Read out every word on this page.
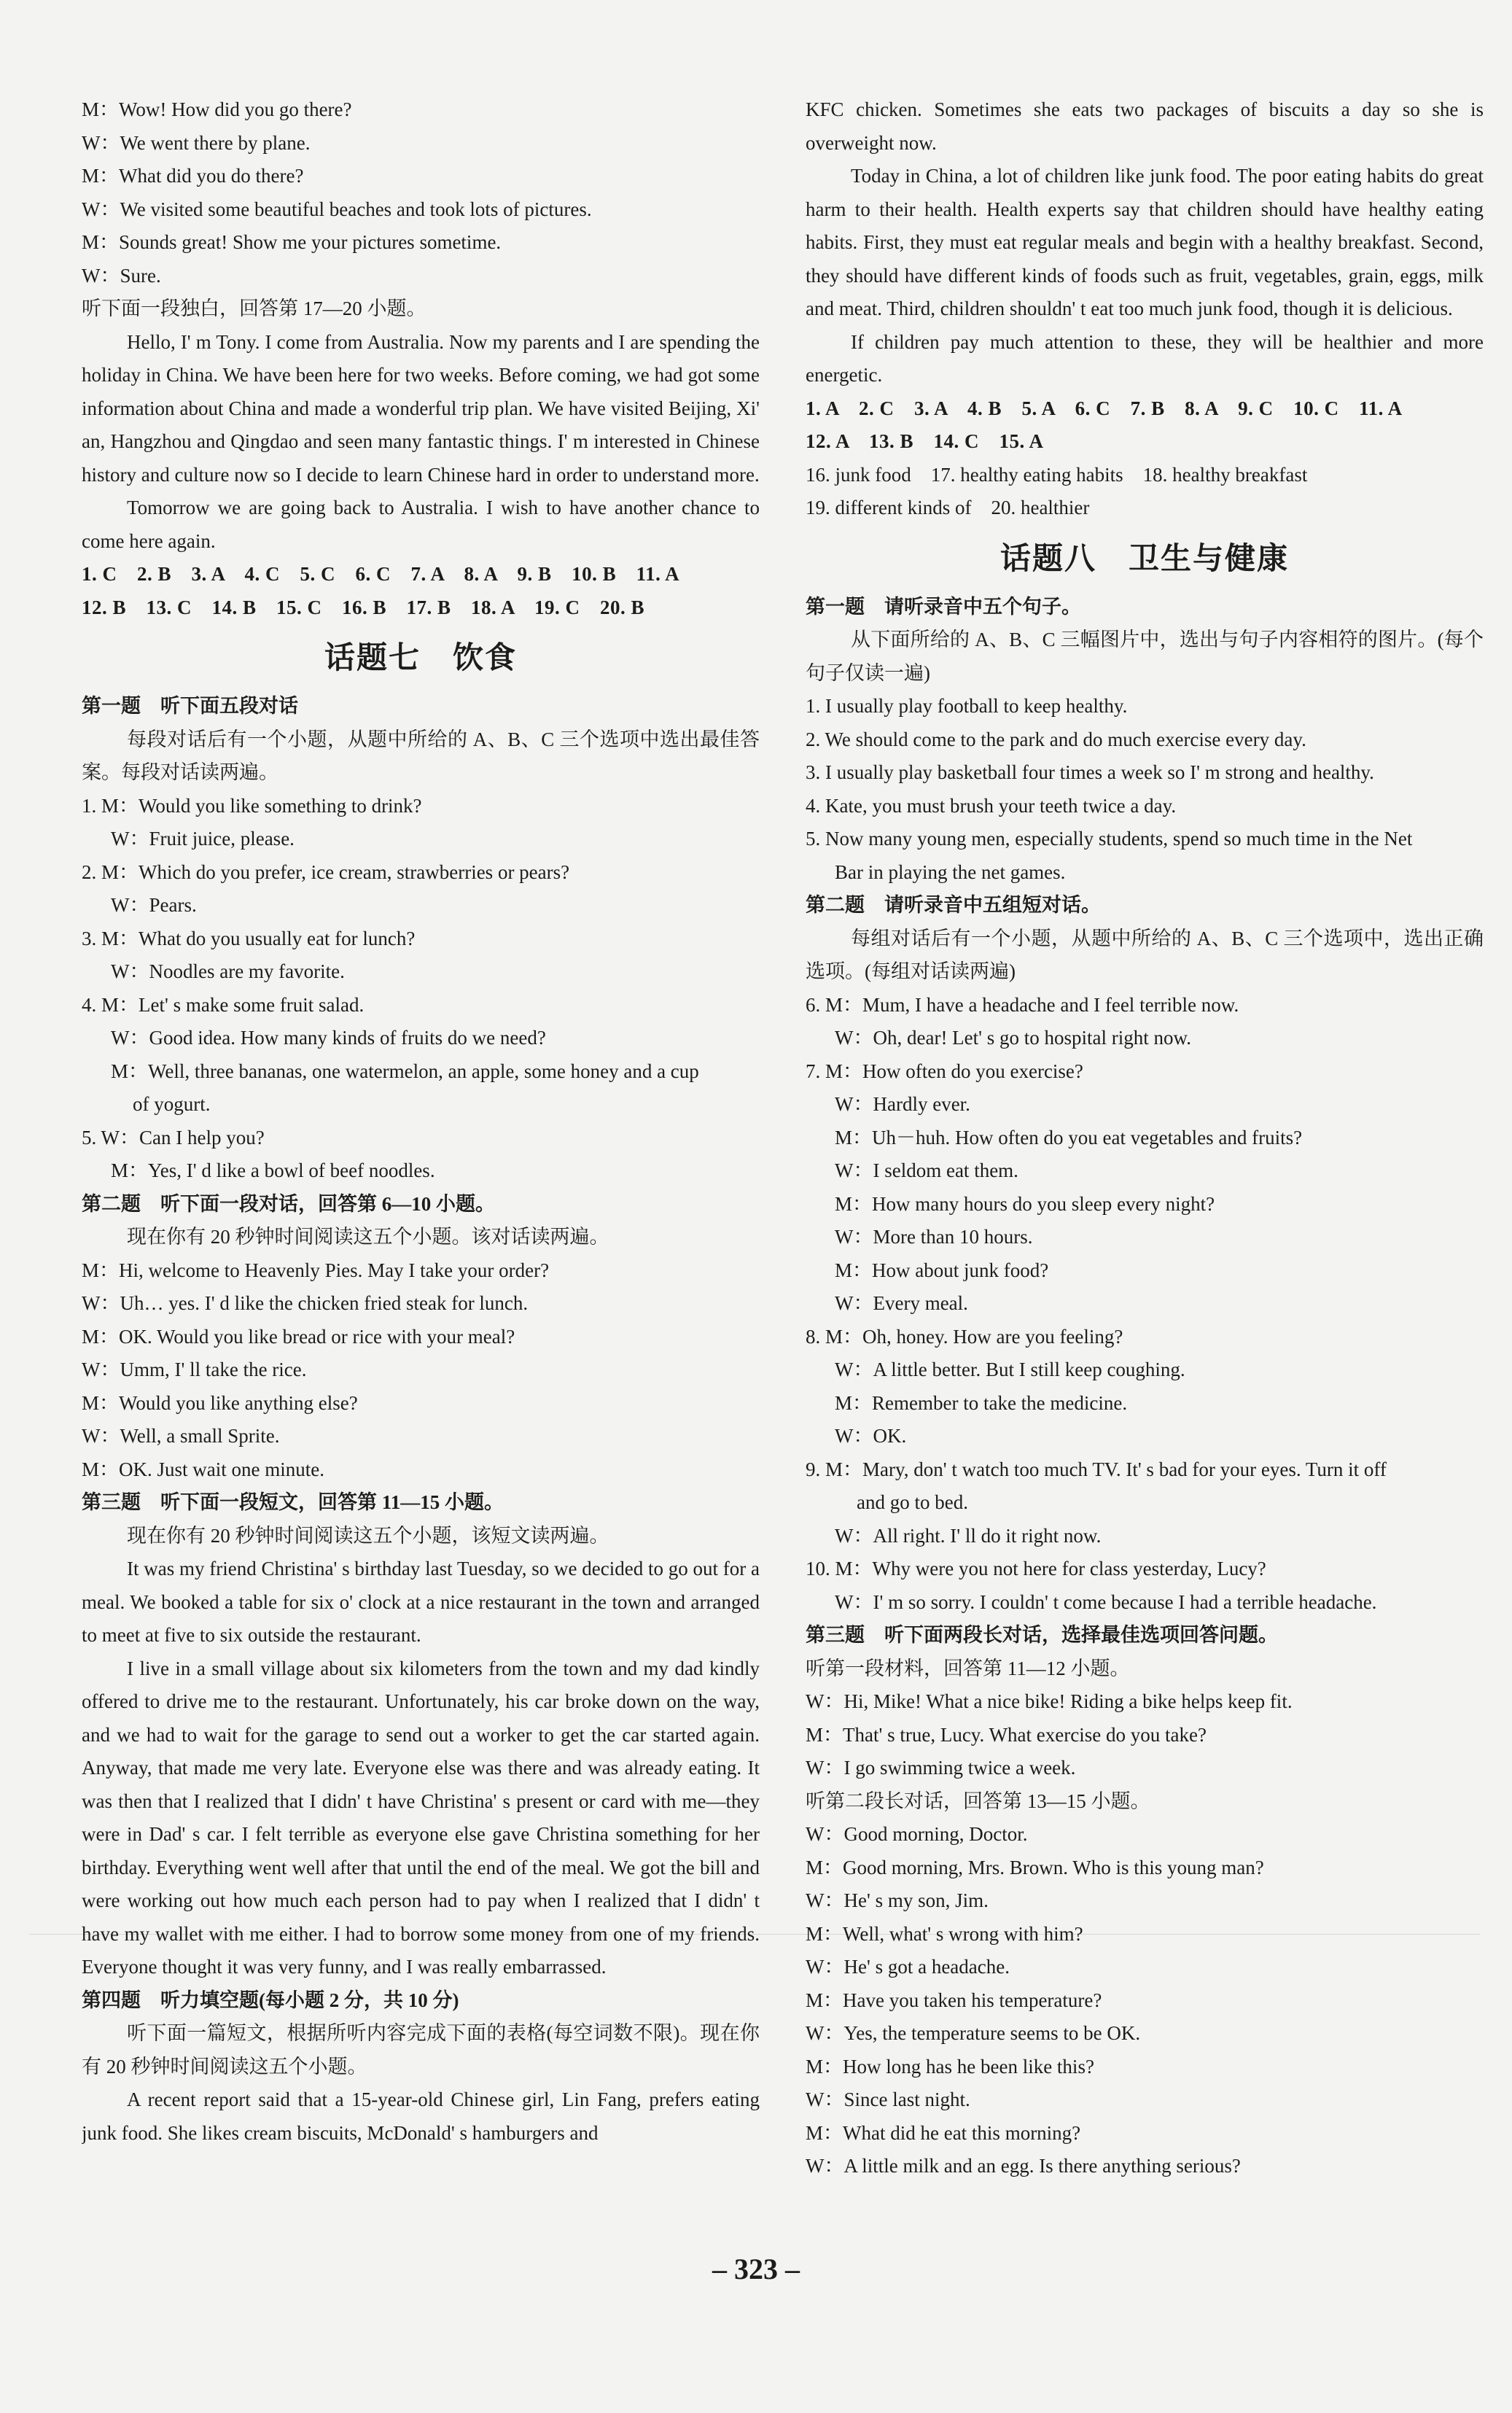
M：Wow! How did you go there?
W：We went there by plane.
M：What did you do there?
W：We visited some beautiful beaches and took lots of pictures.
M：Sounds great! Show me your pictures sometime.
W：Sure.
听下面一段独白，回答第 17—20 小题。
Hello, I' m Tony. I come from Australia. Now my parents and I are spending the holiday in China. We have been here for two weeks. Before coming, we had got some information about China and made a wonderful trip plan. We have visited Beijing, Xi' an, Hangzhou and Qingdao and seen many fantastic things. I' m interested in Chinese history and culture now so I decide to learn Chinese hard in order to understand more.
Tomorrow we are going back to Australia. I wish to have another chance to come here again.
1. C　2. B　3. A　4. C　5. C　6. C　7. A　8. A　9. B　10. B　11. A
12. B　13. C　14. B　15. C　16. B　17. B　18. A　19. C　20. B
话题七　饮食
第一题　听下面五段对话
每段对话后有一个小题，从题中所给的 A、B、C 三个选项中选出最佳答案。每段对话读两遍。
1. M：Would you like something to drink?
W：Fruit juice, please.
2. M：Which do you prefer, ice cream, strawberries or pears?
W：Pears.
3. M：What do you usually eat for lunch?
W：Noodles are my favorite.
4. M：Let' s make some fruit salad.
W：Good idea. How many kinds of fruits do we need?
M：Well, three bananas, one watermelon, an apple, some honey and a cup
of yogurt.
5. W：Can I help you?
M：Yes, I' d like a bowl of beef noodles.
第二题　听下面一段对话，回答第 6—10 小题。
现在你有 20 秒钟时间阅读这五个小题。该对话读两遍。
M：Hi, welcome to Heavenly Pies. May I take your order?
W：Uh… yes. I' d like the chicken fried steak for lunch.
M：OK. Would you like bread or rice with your meal?
W：Umm, I' ll take the rice.
M：Would you like anything else?
W：Well, a small Sprite.
M：OK. Just wait one minute.
第三题　听下面一段短文，回答第 11—15 小题。
现在你有 20 秒钟时间阅读这五个小题，该短文读两遍。
It was my friend Christina' s birthday last Tuesday, so we decided to go out for a meal. We booked a table for six o' clock at a nice restaurant in the town and arranged to meet at five to six outside the restaurant.
I live in a small village about six kilometers from the town and my dad kindly offered to drive me to the restaurant. Unfortunately, his car broke down on the way, and we had to wait for the garage to send out a worker to get the car started again. Anyway, that made me very late. Everyone else was there and was already eating. It was then that I realized that I didn' t have Christina' s present or card with me—they were in Dad' s car. I felt terrible as everyone else gave Christina something for her birthday. Everything went well after that until the end of the meal. We got the bill and were working out how much each person had to pay when I realized that I didn' t have my wallet with me either. I had to borrow some money from one of my friends. Everyone thought it was very funny, and I was really embarrassed.
第四题　听力填空题(每小题 2 分，共 10 分)
听下面一篇短文，根据所听内容完成下面的表格(每空词数不限)。现在你有 20 秒钟时间阅读这五个小题。
A recent report said that a 15-year-old Chinese girl, Lin Fang, prefers eating junk food. She likes cream biscuits, McDonald' s hamburgers and
KFC chicken. Sometimes she eats two packages of biscuits a day so she is overweight now.
Today in China, a lot of children like junk food. The poor eating habits do great harm to their health. Health experts say that children should have healthy eating habits. First, they must eat regular meals and begin with a healthy breakfast. Second, they should have different kinds of foods such as fruit, vegetables, grain, eggs, milk and meat. Third, children shouldn' t eat too much junk food, though it is delicious.
If children pay much attention to these, they will be healthier and more energetic.
1. A　2. C　3. A　4. B　5. A　6. C　7. B　8. A　9. C　10. C　11. A
12. A　13. B　14. C　15. A
16. junk food　17. healthy eating habits　18. healthy breakfast
19. different kinds of　20. healthier
话题八　卫生与健康
第一题　请听录音中五个句子。
从下面所给的 A、B、C 三幅图片中，选出与句子内容相符的图片。(每个句子仅读一遍)
1. I usually play football to keep healthy.
2. We should come to the park and do much exercise every day.
3. I usually play basketball four times a week so I' m strong and healthy.
4. Kate, you must brush your teeth twice a day.
5. Now many young men, especially students, spend so much time in the Net
Bar in playing the net games.
第二题　请听录音中五组短对话。
每组对话后有一个小题，从题中所给的 A、B、C 三个选项中，选出正确选项。(每组对话读两遍)
6. M：Mum, I have a headache and I feel terrible now.
W：Oh, dear! Let' s go to hospital right now.
7. M：How often do you exercise?
W：Hardly ever.
M：Uh－huh. How often do you eat vegetables and fruits?
W：I seldom eat them.
M：How many hours do you sleep every night?
W：More than 10 hours.
M：How about junk food?
W：Every meal.
8. M：Oh, honey. How are you feeling?
W：A little better. But I still keep coughing.
M：Remember to take the medicine.
W：OK.
9. M：Mary, don' t watch too much TV. It' s bad for your eyes. Turn it off
and go to bed.
W：All right. I' ll do it right now.
10. M：Why were you not here for class yesterday, Lucy?
W：I' m so sorry. I couldn' t come because I had a terrible headache.
第三题　听下面两段长对话，选择最佳选项回答问题。
听第一段材料，回答第 11—12 小题。
W：Hi, Mike! What a nice bike! Riding a bike helps keep fit.
M：That' s true, Lucy. What exercise do you take?
W：I go swimming twice a week.
听第二段长对话，回答第 13—15 小题。
W：Good morning, Doctor.
M：Good morning, Mrs. Brown. Who is this young man?
W：He' s my son, Jim.
M：Well, what' s wrong with him?
W：He' s got a headache.
M：Have you taken his temperature?
W：Yes, the temperature seems to be OK.
M：How long has he been like this?
W：Since last night.
M：What did he eat this morning?
W：A little milk and an egg. Is there anything serious?
– 323 –
